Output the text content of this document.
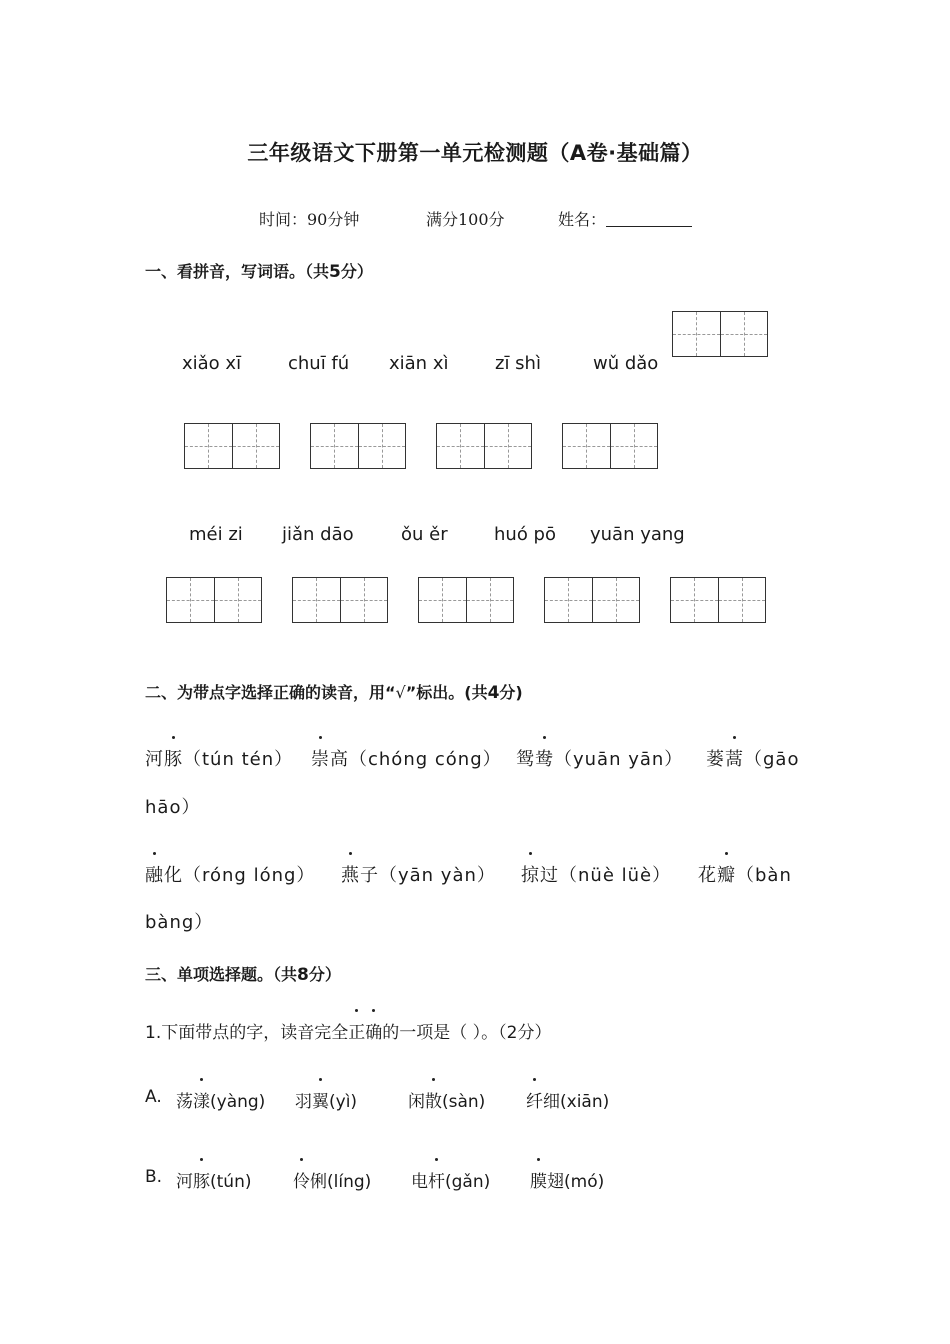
三年级语文下册第一单元检测题（A卷·基础篇）
时间：90分钟	满分100分	姓名：
一、看拼音，写词语。（共5分）
xiǎo xī	chuī fú xiān xì	zī shì	wǔ dǎo
méi zi jiǎn dāo	ǒu ěr	huó pō yuān yang
二、为带点字选择正确的读音，用“√”标出。(共4分)
河豚（tún tén） 崇高（chóng cóng） 鸳鸯（yuān yān） 蒌蒿（gāo
hāo）
融化（róng lóng） 燕子（yān yàn） 掠过（nüè lüè） 花瓣（bàn
bàng）
三、单项选择题。（共8分）
1.下面带点的字，读音完全正确的一项是（ ）。（2分）
A. 荡漾(yàng) 羽翼(yì)	闲散(sàn) 纤细(xiān)
B. 河豚(tún) 伶俐(líng) 电杆(gǎn) 膜翅(mó)
